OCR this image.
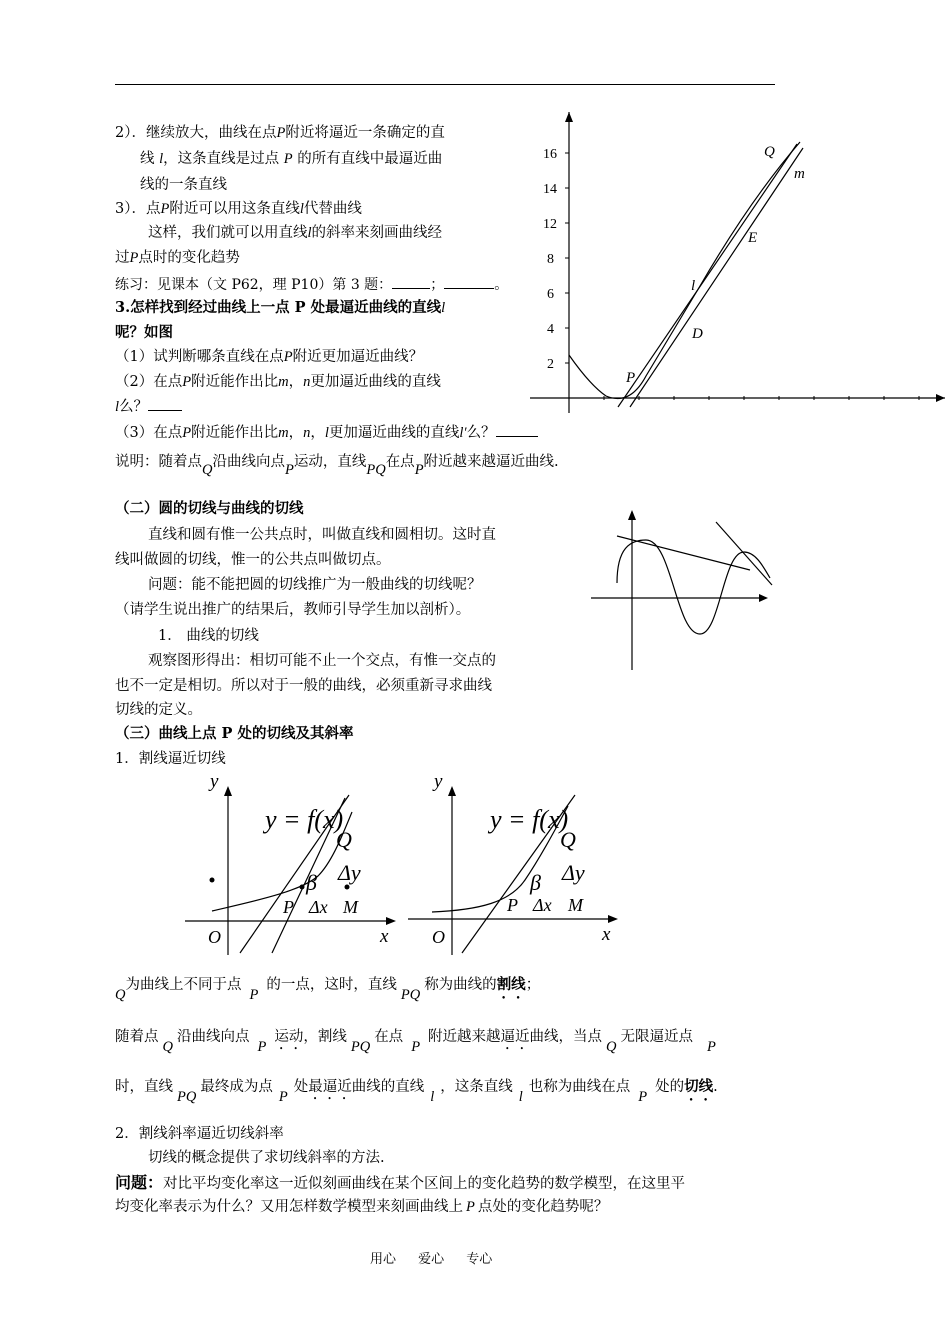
2）．继续放大，曲线在点P附近将逼近一条确定的直
线 l，这条直线是过点 P 的所有直线中最逼近曲
线的一条直线
3）．点P附近可以用这条直线l代替曲线
这样，我们就可以用直线l的斜率来刻画曲线经
过P点时的变化趋势
练习：见课本（文 P62，理 P10）第 3 题：	；	。
3.怎样找到经过曲线上一点 P 处最逼近曲线的直线l
呢？如图
（1）试判断哪条直线在点P附近更加逼近曲线？
（2）在点P附近能作出比m，n更加逼近曲线的直线
l么？
（3）在点P附近能作出比m，n，l更加逼近曲线的直线l′么？
说明：随着点Q沿曲线向点P运动，直线PQ在点P附近越来越逼近曲线.
2
4
6
8
12
14
16	Q
m
E
l
D
P
（二）圆的切线与曲线的切线
直线和圆有惟一公共点时，叫做直线和圆相切。这时直
线叫做圆的切线，惟一的公共点叫做切点。
问题：能不能把圆的切线推广为一般曲线的切线呢？
（请学生说出推广的结果后，教师引导学生加以剖析）。
1． 曲线的切线
观察图形得出：相切可能不止一个交点，有惟一交点的
也不一定是相切。所以对于一般的曲线，必须重新寻求曲线
切线的定义。
（三）曲线上点 P 处的切线及其斜率
1．割线逼近切线
y
x
O
y = f(x)
Q
Δy
β
P Δx M
y
x
O
y = f(x)
Q
Δy
β
P Δx M
Q为曲线上不同于点P的一点，这时，直线PQ称为曲线的割线；
随着点Q沿曲线向点P运动，割线PQ在点P附近越来越逼近曲线，当点Q无限逼近点P
时，直线PQ最终成为点P处最逼近曲线的直线l，这条直线l也称为曲线在点P处的切线.
2．割线斜率逼近切线斜率
切线的概念提供了求切线斜率的方法.
问题：对比平均变化率这一近似刻画曲线在某个区间上的变化趋势的数学模型，在这里平
均变化率表示为什么？又用怎样数学模型来刻画曲线上 P 点处的变化趋势呢？
用心 爱心 专心
